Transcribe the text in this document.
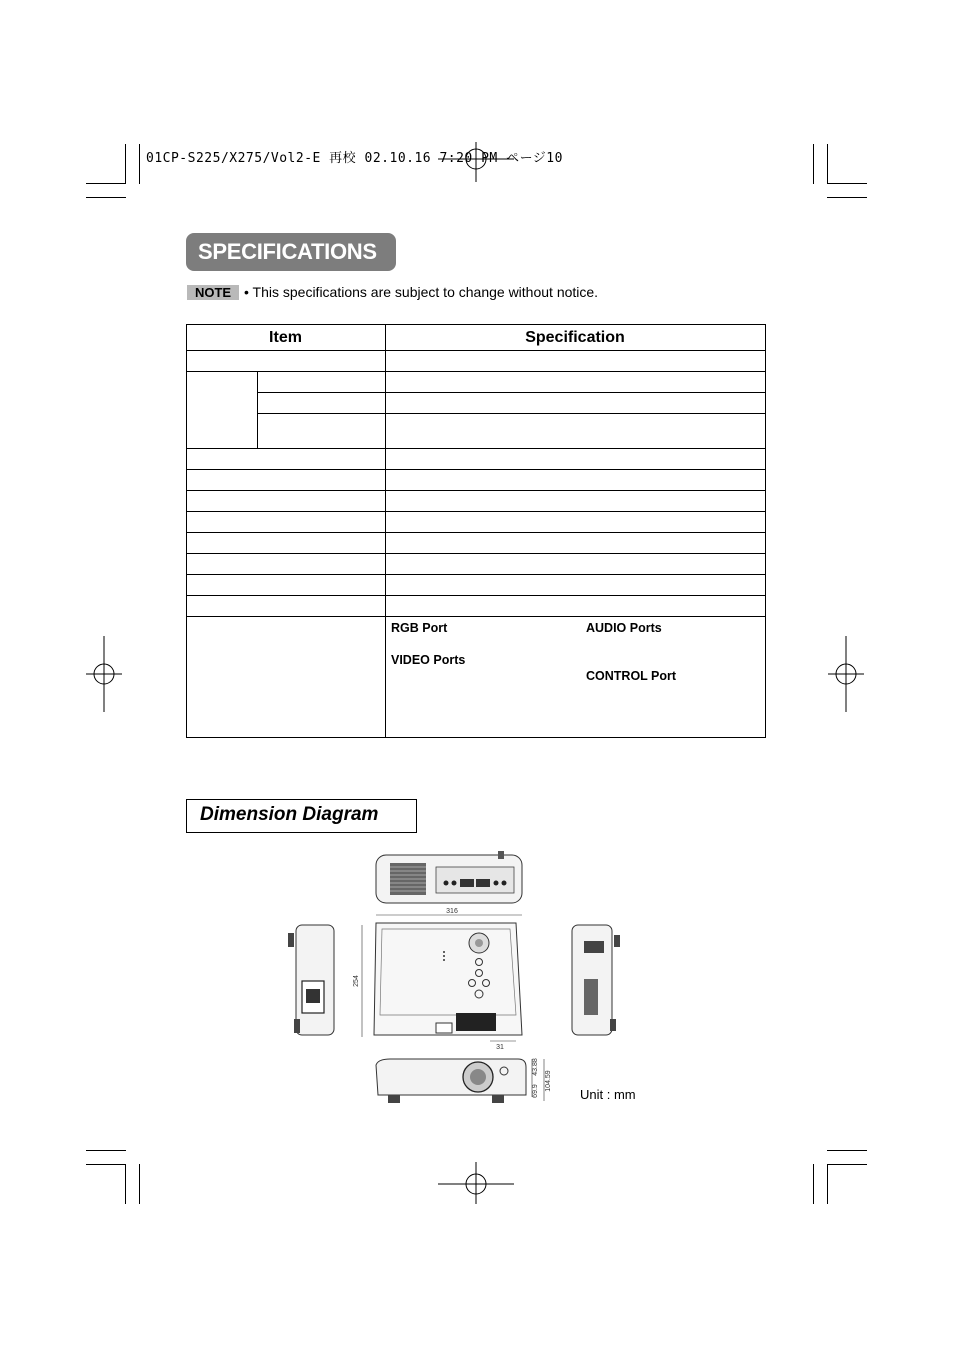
01CP-S225/X275/Vol2-E 再校 02.10.16 7:20 PM ページ10
SPECIFICATIONS
NOTE • This specifications are subject to change without notice.
Item	Specification
RGB Port
VIDEO Ports
AUDIO Ports
CONTROL Port
Dimension Diagram
316
254
31
69.9
43.88
104.59
Unit : mm
